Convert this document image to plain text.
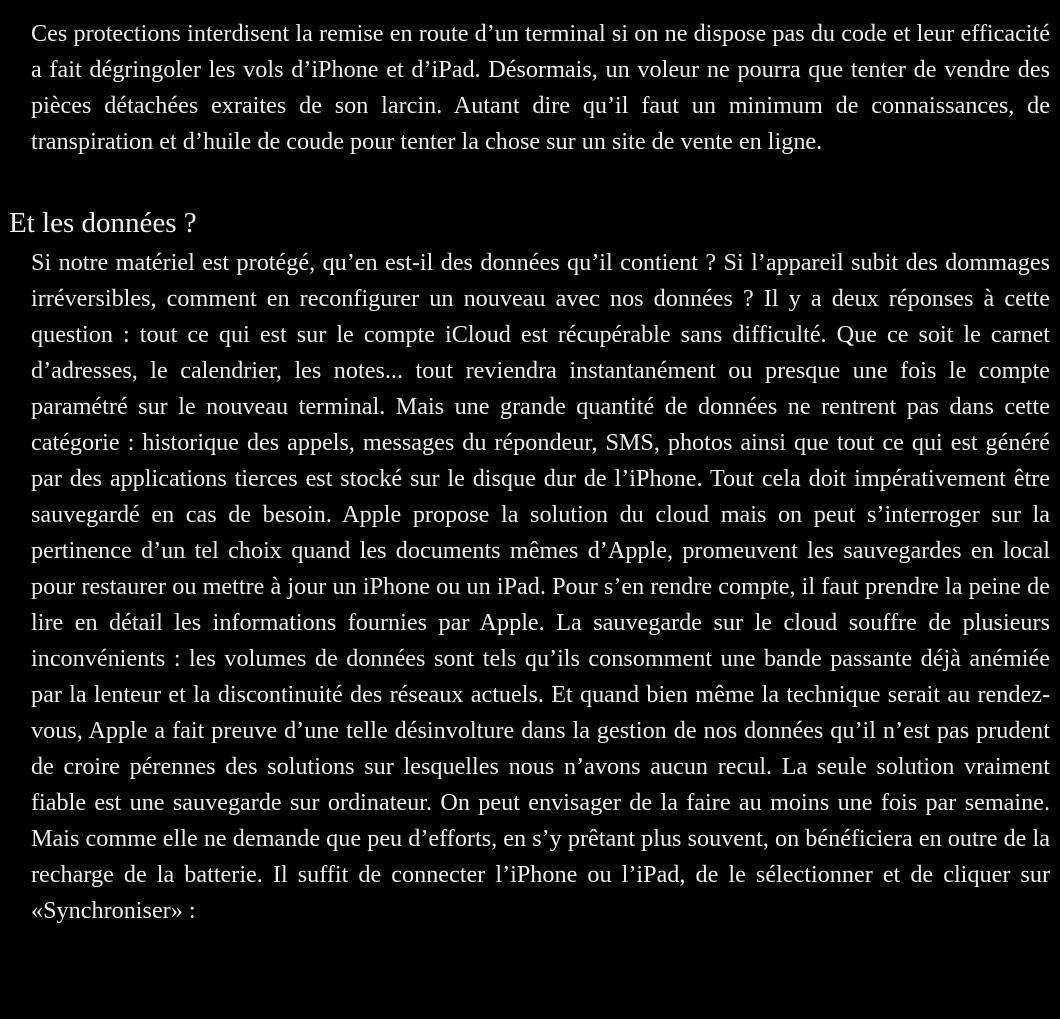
Ces protections interdisent la remise en route d’un terminal si on ne dispose pas du code et leur efficacité a fait dégringoler les vols d’iPhone et d’iPad. Désormais, un voleur ne pourra que tenter de vendre des pièces détachées exraites de son larcin. Autant dire qu’il faut un minimum de connaissances, de transpiration et d’huile de coude pour tenter la chose sur un site de vente en ligne.

Et les données ?

Si notre matériel est protégé, qu’en est-il des données qu’il contient ? Si l’appareil subit des dommages irréversibles, comment en reconfigurer un nouveau avec nos données ? Il y a deux réponses à cette question : tout ce qui est sur le compte iCloud est récupérable sans difficulté. Que ce soit le carnet d’adresses, le calendrier, les notes... tout reviendra instantanément ou presque une fois le compte paramétré sur le nouveau terminal. Mais une grande quantité de données ne rentrent pas dans cette catégorie : historique des appels, messages du répondeur, SMS, photos ainsi que tout ce qui est généré par des applications tierces est stocké sur le disque dur de l’iPhone. Tout cela doit impérativement être sauvegardé en cas de besoin. Apple propose la solution du cloud mais on peut s’interroger sur la pertinence d’un tel choix quand les documents mêmes d’Apple, promeuvent les sauvegardes en local pour restaurer ou mettre à jour un iPhone ou un iPad. Pour s’en rendre compte, il faut prendre la peine de lire en détail les informations fournies par Apple. La sauvegarde sur le cloud souffre de plusieurs inconvénients : les volumes de données sont tels qu’ils consomment une bande passante déjà anémiée par la lenteur et la discontinuité des réseaux actuels. Et quand bien même la technique serait au rendez-vous, Apple a fait preuve d’une telle désinvolture dans la gestion de nos données qu’il n’est pas prudent de croire pérennes des solutions sur lesquelles nous n’avons aucun recul. La seule solution vraiment fiable est une sauvegarde sur ordinateur. On peut envisager de la faire au moins une fois par semaine. Mais comme elle ne demande que peu d’efforts, en s’y prêtant plus souvent, on bénéficiera en outre de la recharge de la batterie. Il suffit de connecter l’iPhone ou l’iPad, de le sélectionner et de cliquer sur «Synchroniser» :
